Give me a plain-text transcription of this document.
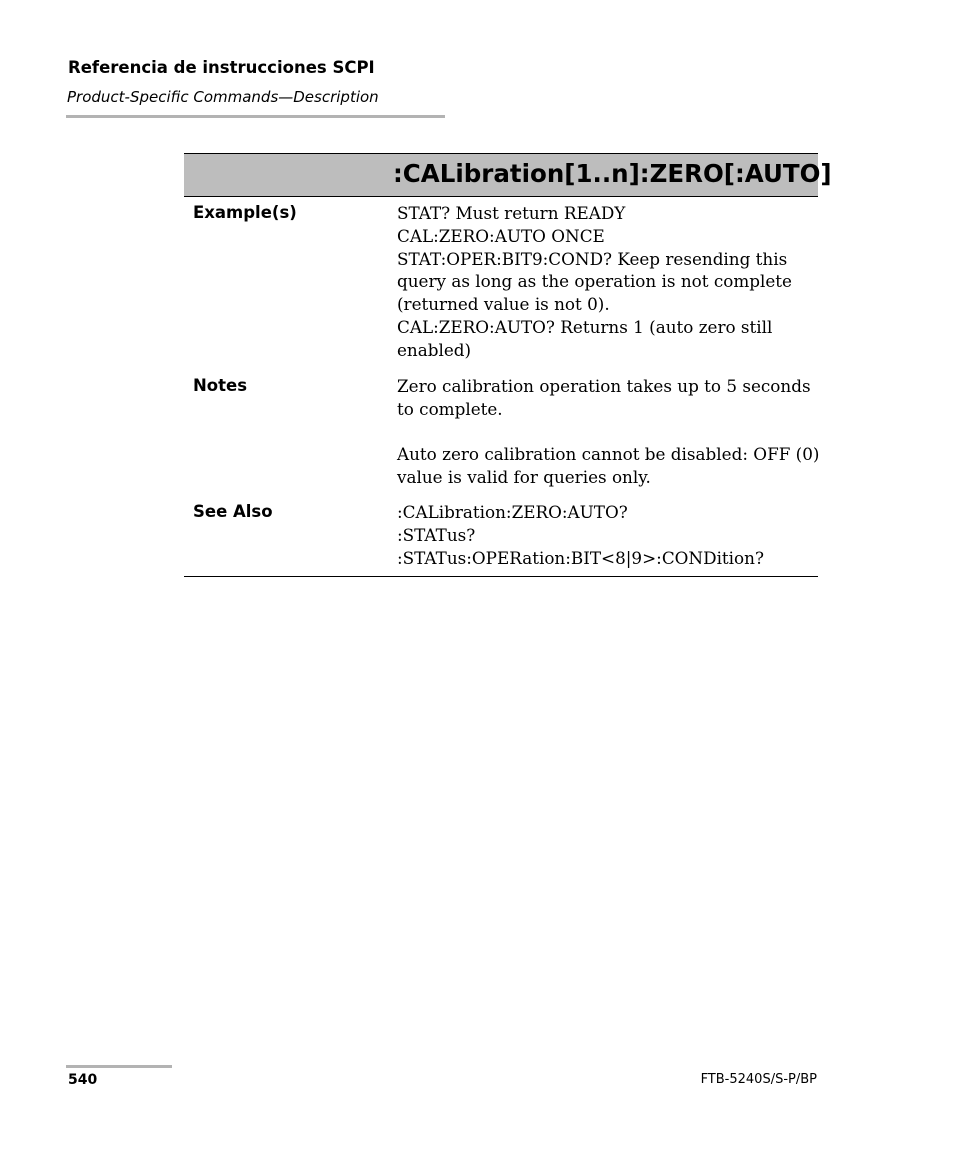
Referencia de instrucciones SCPI
Product-Specific Commands—Description
:CALibration[1..n]:ZERO[:AUTO]
Example(s)	STAT? Must return READY
CAL:ZERO:AUTO ONCE
STAT:OPER:BIT9:COND? Keep resending this
query as long as the operation is not complete
(returned value is not 0).
CAL:ZERO:AUTO? Returns 1 (auto zero still
enabled)
Notes	Zero calibration operation takes up to 5 seconds
to complete.
Auto zero calibration cannot be disabled: OFF (0)
value is valid for queries only.
See Also	:CALibration:ZERO:AUTO?
:STATus?
:STATus:OPERation:BIT<8|9>:CONDition?
540	FTB-5240S/S-P/BP
